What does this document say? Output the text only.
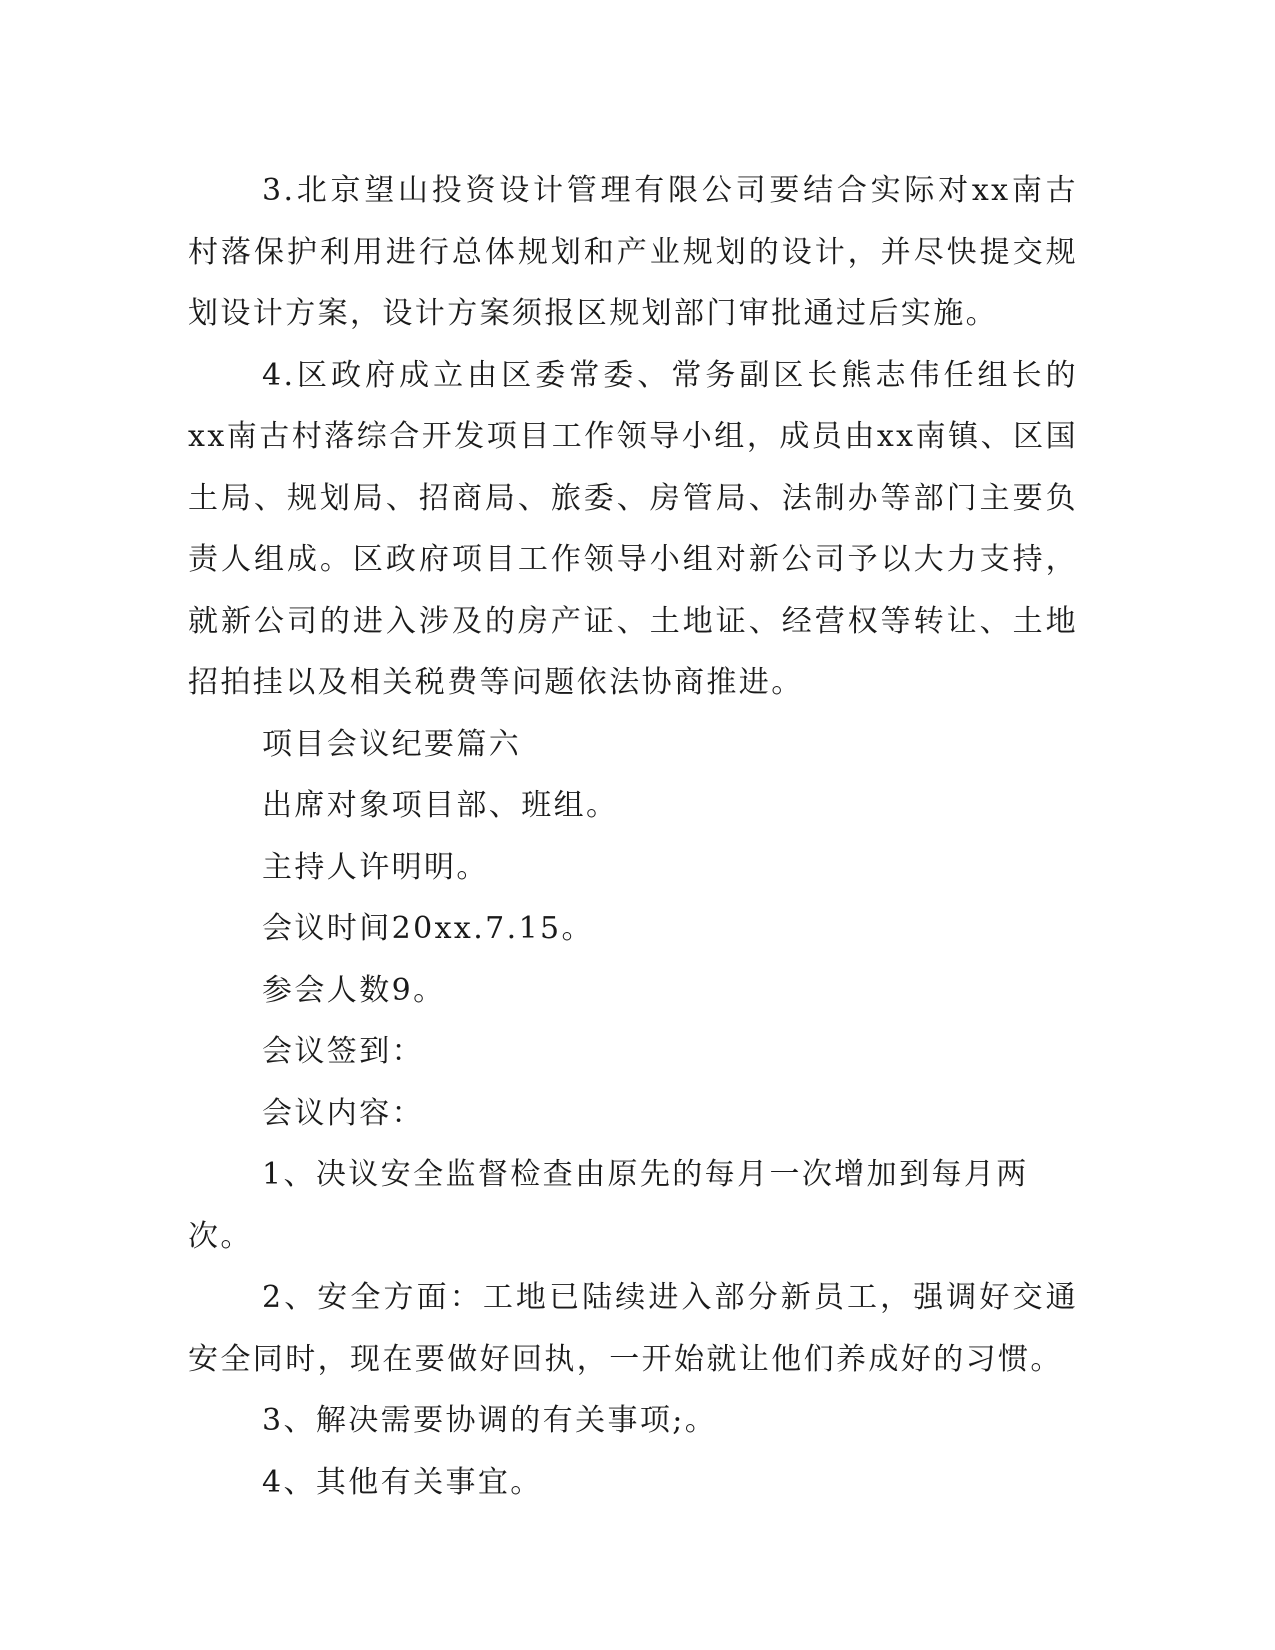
3.北京望山投资设计管理有限公司要结合实际对xx南古村落保护利用进行总体规划和产业规划的设计，并尽快提交规划设计方案，设计方案须报区规划部门审批通过后实施。

4.区政府成立由区委常委、常务副区长熊志伟任组长的xx南古村落综合开发项目工作领导小组，成员由xx南镇、区国土局、规划局、招商局、旅委、房管局、法制办等部门主要负责人组成。区政府项目工作领导小组对新公司予以大力支持，就新公司的进入涉及的房产证、土地证、经营权等转让、土地招拍挂以及相关税费等问题依法协商推进。

项目会议纪要篇六

出席对象项目部、班组。

主持人许明明。

会议时间20xx.7.15。

参会人数9。

会议签到：

会议内容：

1、决议安全监督检查由原先的每月一次增加到每月两次。

2、安全方面：工地已陆续进入部分新员工，强调好交通安全同时，现在要做好回执，一开始就让他们养成好的习惯。

3、解决需要协调的有关事项;。

4、其他有关事宜。
